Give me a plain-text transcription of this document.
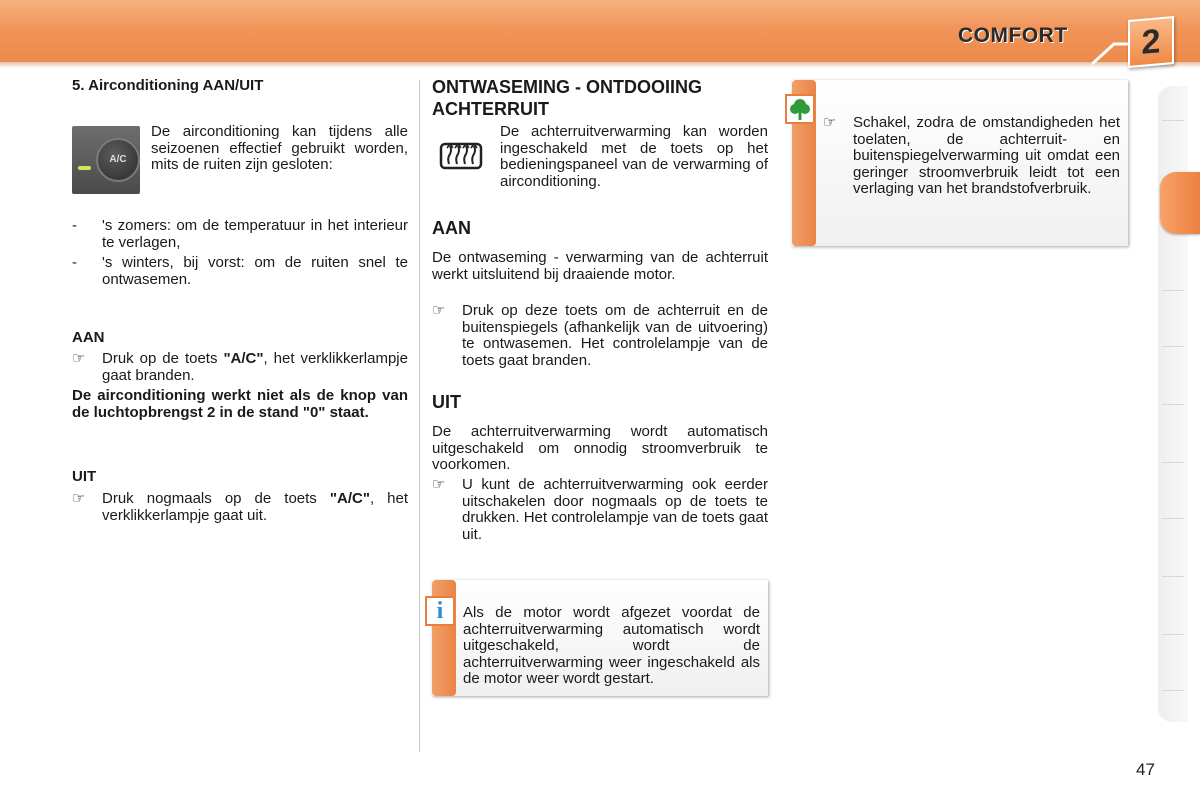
COMFORT	2
5. Airconditioning AAN/UIT
A/C
De airconditioning kan tijdens alle seizoenen effectief gebruikt worden, mits de ruiten zijn gesloten:
- 's zomers: om de temperatuur in het interieur te verlagen,
- 's winters, bij vorst: om de ruiten snel te ontwasemen.
AAN
☞ Druk op de toets "A/C", het verklikkerlampje gaat branden.
De airconditioning werkt niet als de knop van de luchtopbrengst 2 in de stand "0" staat.
UIT
☞ Druk nogmaals op de toets "A/C", het verklikkerlampje gaat uit.
ONTWASEMING - ONTDOOIING
ACHTERRUIT
De achterruitverwarming kan worden ingeschakeld met de toets op het bedieningspaneel van de verwarming of airconditioning.
AAN
De ontwaseming - verwarming van de achterruit werkt uitsluitend bij draaiende motor.
☞ Druk op deze toets om de achterruit en de buitenspiegels (afhankelijk van de uitvoering) te ontwasemen. Het controlelampje van de toets gaat branden.
UIT
De achterruitverwarming wordt automatisch uitgeschakeld om onnodig stroomverbruik te voorkomen.
☞ U kunt de achterruitverwarming ook eerder uitschakelen door nogmaals op de toets te drukken. Het controlelampje van de toets gaat uit.
i	Als de motor wordt afgezet voordat de achterruitverwarming automatisch wordt uitgeschakeld, wordt de achterruitverwarming weer ingeschakeld als de motor weer wordt gestart.
☞ Schakel, zodra de omstandigheden het toelaten, de achterruit- en buitenspiegelverwarming uit omdat een geringer stroomverbruik leidt tot een verlaging van het brandstofverbruik.
47
